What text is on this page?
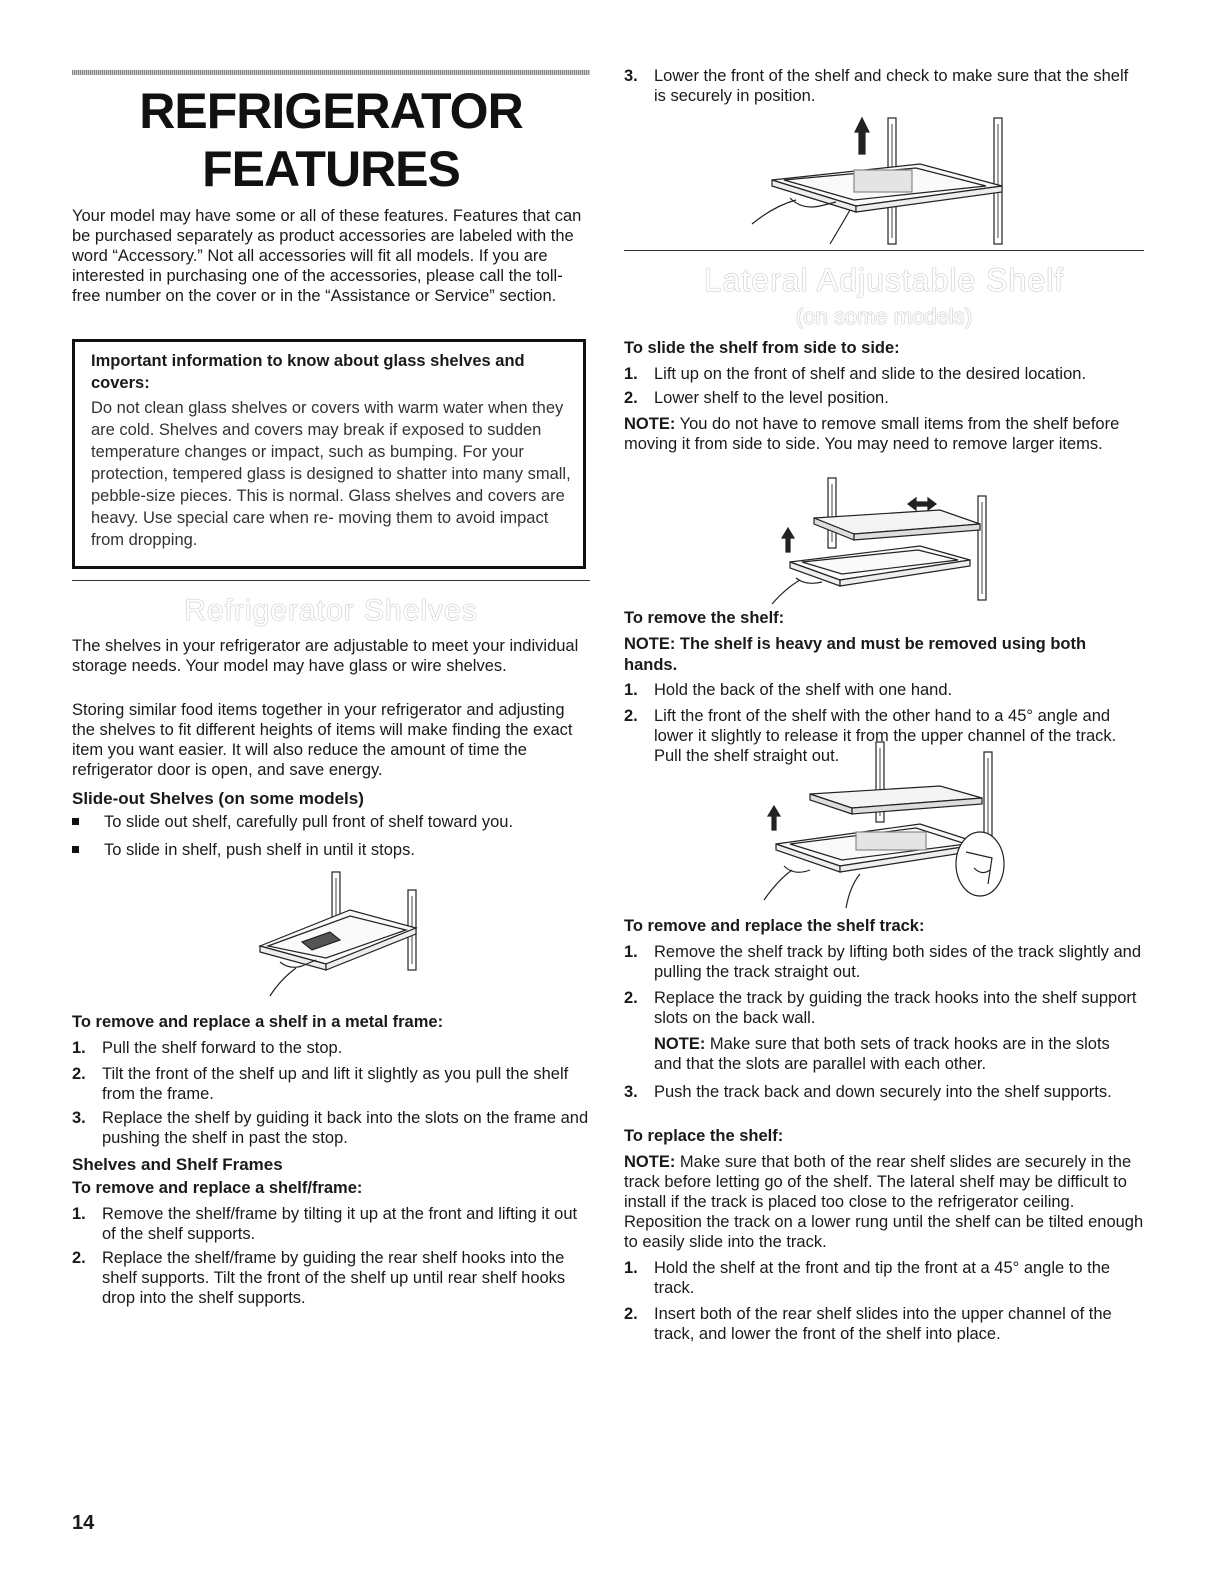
REFRIGERATOR
FEATURES

Your model may have some or all of these features. Features that can be purchased separately as product accessories are labeled with the word “Accessory.” Not all accessories will fit all models. If you are interested in purchasing one of the accessories, please call the toll-free number on the cover or in the “Assistance or Service” section.

Important information to know about glass shelves and covers:
Do not clean glass shelves or covers with warm water when they are cold. Shelves and covers may break if exposed to sudden temperature changes or impact, such as bumping. For your protection, tempered glass is designed to shatter into many small, pebble-size pieces. This is normal. Glass shelves and covers are heavy. Use special care when re- moving them to avoid impact from dropping.
Refrigerator Shelves

The shelves in your refrigerator are adjustable to meet your individual storage needs. Your model may have glass or wire shelves.

Storing similar food items together in your refrigerator and adjusting the shelves to fit different heights of items will make finding the exact item you want easier. It will also reduce the amount of time the refrigerator door is open, and save energy.

Slide-out Shelves (on some models)
To slide out shelf, carefully pull front of shelf toward you.
To slide in shelf, push shelf in until it stops.
To remove and replace a shelf in a metal frame:
1. Pull the shelf forward to the stop.
2. Tilt the front of the shelf up and lift it slightly as you pull the shelf from the frame.
3. Replace the shelf by guiding it back into the slots on the frame and pushing the shelf in past the stop.
Shelves and Shelf Frames
To remove and replace a shelf/frame:
1. Remove the shelf/frame by tilting it up at the front and lifting it out of the shelf supports.
2. Replace the shelf/frame by guiding the rear shelf hooks into the shelf supports. Tilt the front of the shelf up until rear shelf hooks drop into the shelf supports.
14
3. Lower the front of the shelf and check to make sure that the shelf is securely in position.
Lateral Adjustable Shelf
(on some models)
To slide the shelf from side to side:
1. Lift up on the front of shelf and slide to the desired location.
2. Lower shelf to the level position.

NOTE: You do not have to remove small items from the shelf before moving it from side to side. You may need to remove larger items.

To remove the shelf:
NOTE: The shelf is heavy and must be removed using both hands.
1. Hold the back of the shelf with one hand.
2. Lift the front of the shelf with the other hand to a 45° angle and lower it slightly to release it from the upper channel of the track. Pull the shelf straight out.
To remove and replace the shelf track:
1. Remove the shelf track by lifting both sides of the track slightly and pulling the track straight out.
2. Replace the track by guiding the track hooks into the shelf support slots on the back wall.

NOTE: Make sure that both sets of track hooks are in the slots and that the slots are parallel with each other.

3. Push the track back and down securely into the shelf supports.
To replace the shelf:

NOTE: Make sure that both of the rear shelf slides are securely in the track before letting go of the shelf. The lateral shelf may be difficult to install if the track is placed too close to the refrigerator ceiling. Reposition the track on a lower rung until the shelf can be tilted enough to easily slide into the track.

1. Hold the shelf at the front and tip the front at a 45° angle to the track.
2. Insert both of the rear shelf slides into the upper channel of the track, and lower the front of the shelf into place.
